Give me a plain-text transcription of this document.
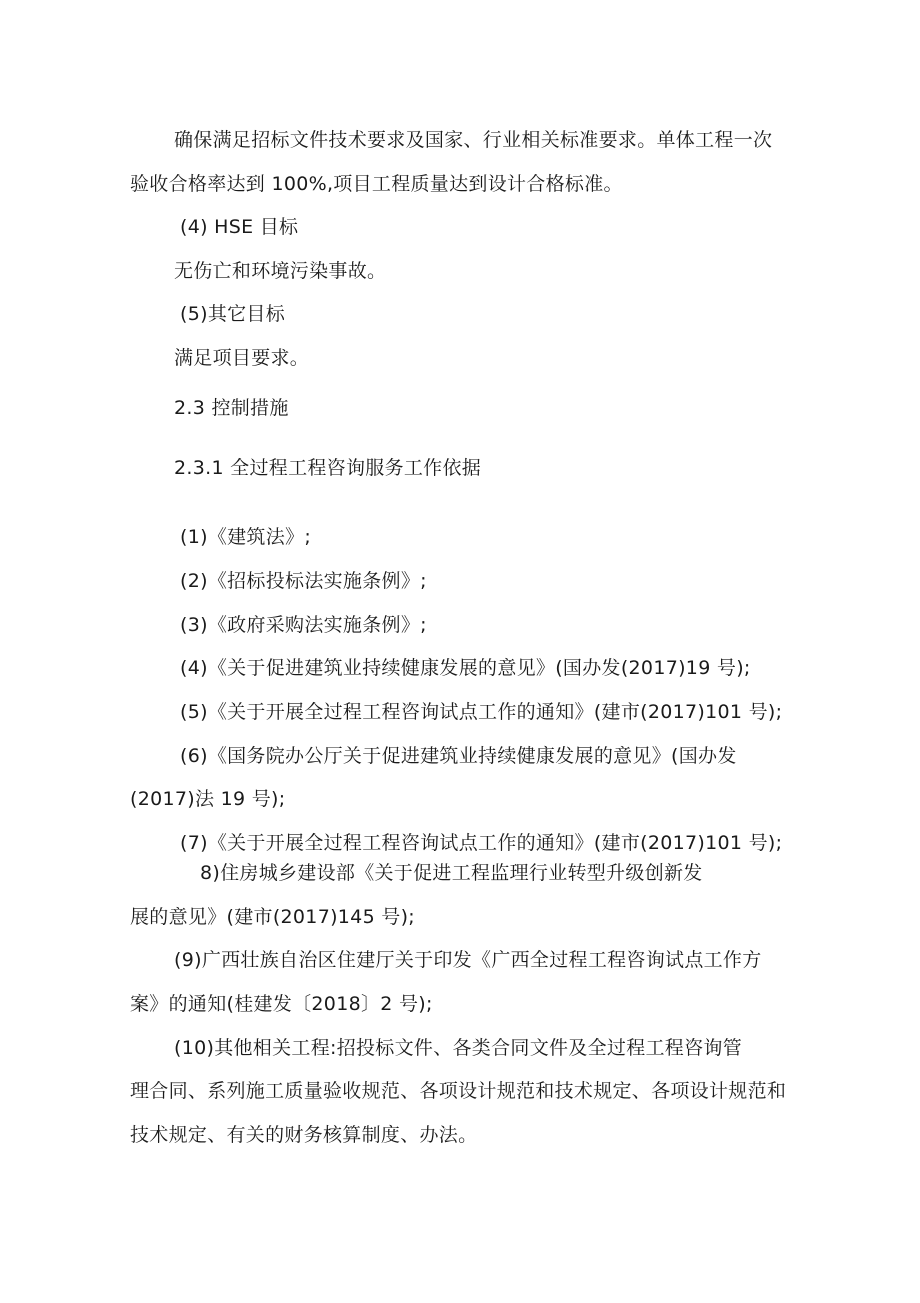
确保满足招标文件技术要求及国家、行业相关标准要求。单体工程一次
验收合格率达到 100%,项目工程质量达到设计合格标准。
(4) HSE 目标
无伤亡和环境污染事故。
(5)其它目标
满足项目要求。
2.3 控制措施
2.3.1 全过程工程咨询服务工作依据
(1)《建筑法》;
(2)《招标投标法实施条例》;
(3)《政府采购法实施条例》;
(4)《关于促进建筑业持续健康发展的意见》(国办发(2017)19 号);
(5)《关于开展全过程工程咨询试点工作的通知》(建市(2017)101 号);
(6)《国务院办公厅关于促进建筑业持续健康发展的意见》(国办发
(2017)法 19 号);
(7)《关于开展全过程工程咨询试点工作的通知》(建市(2017)101 号);
8)住房城乡建设部《关于促进工程监理行业转型升级创新发
展的意见》(建市(2017)145 号);
(9)广西壮族自治区住建厅关于印发《广西全过程工程咨询试点工作方
案》的通知(桂建发〔2018〕2 号);
(10)其他相关工程:招投标文件、各类合同文件及全过程工程咨询管
理合同、系列施工质量验收规范、各项设计规范和技术规定、各项设计规范和
技术规定、有关的财务核算制度、办法。
